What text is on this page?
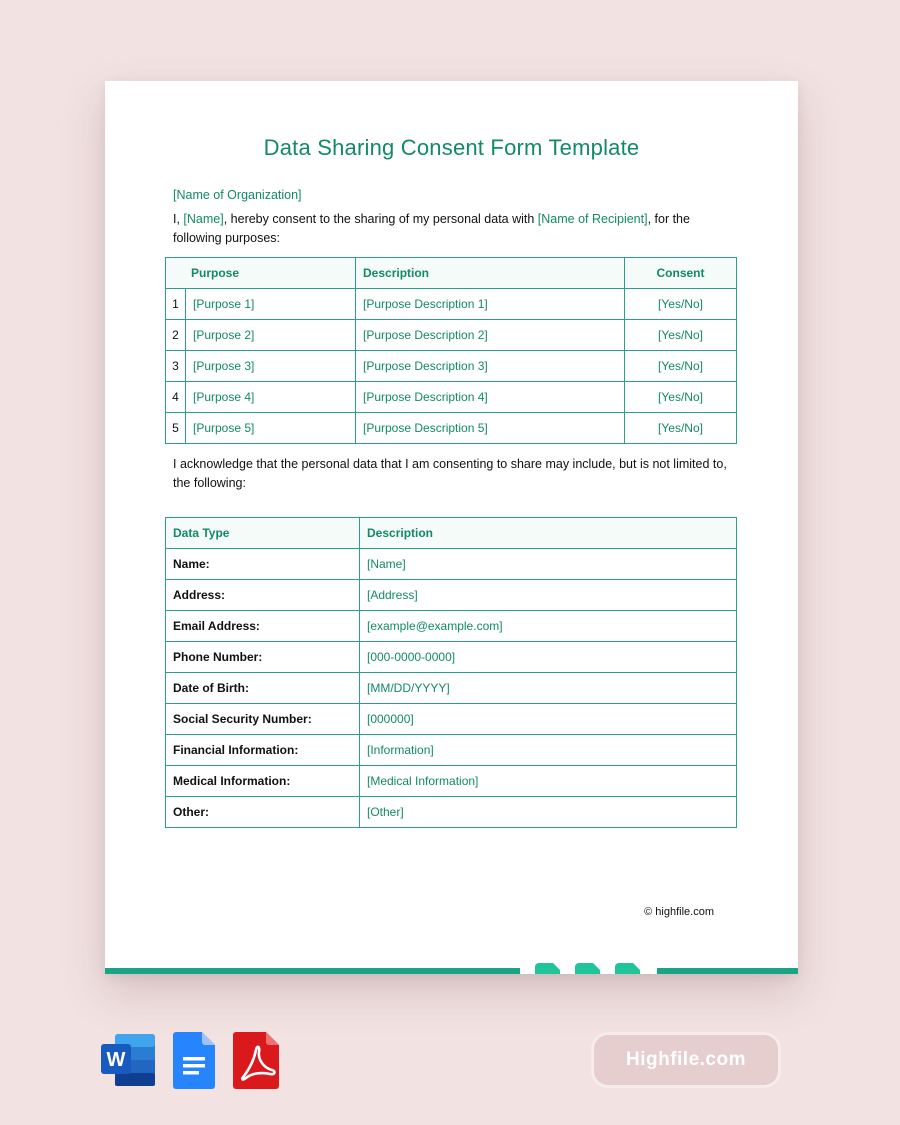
Data Sharing Consent Form Template
[Name of Organization]
I, [Name], hereby consent to the sharing of my personal data with [Name of Recipient], for the following purposes:
Purpose		Description	Consent
1	[Purpose 1]	[Purpose Description 1]	[Yes/No]
2	[Purpose 2]	[Purpose Description 2]	[Yes/No]
3	[Purpose 3]	[Purpose Description 3]	[Yes/No]
4	[Purpose 4]	[Purpose Description 4]	[Yes/No]
5	[Purpose 5]	[Purpose Description 5]	[Yes/No]
I acknowledge that the personal data that I am consenting to share may include, but is not limited to, the following:
Data Type	Description
Name:	[Name]
Address:	[Address]
Email Address:	[example@example.com]
Phone Number:	[000-0000-0000]
Date of Birth:	[MM/DD/YYYY]
Social Security Number:	[000000]
Financial Information:	[Information]
Medical Information:	[Medical Information]
Other:	[Other]
© highfile.com
W	Highfile.com
